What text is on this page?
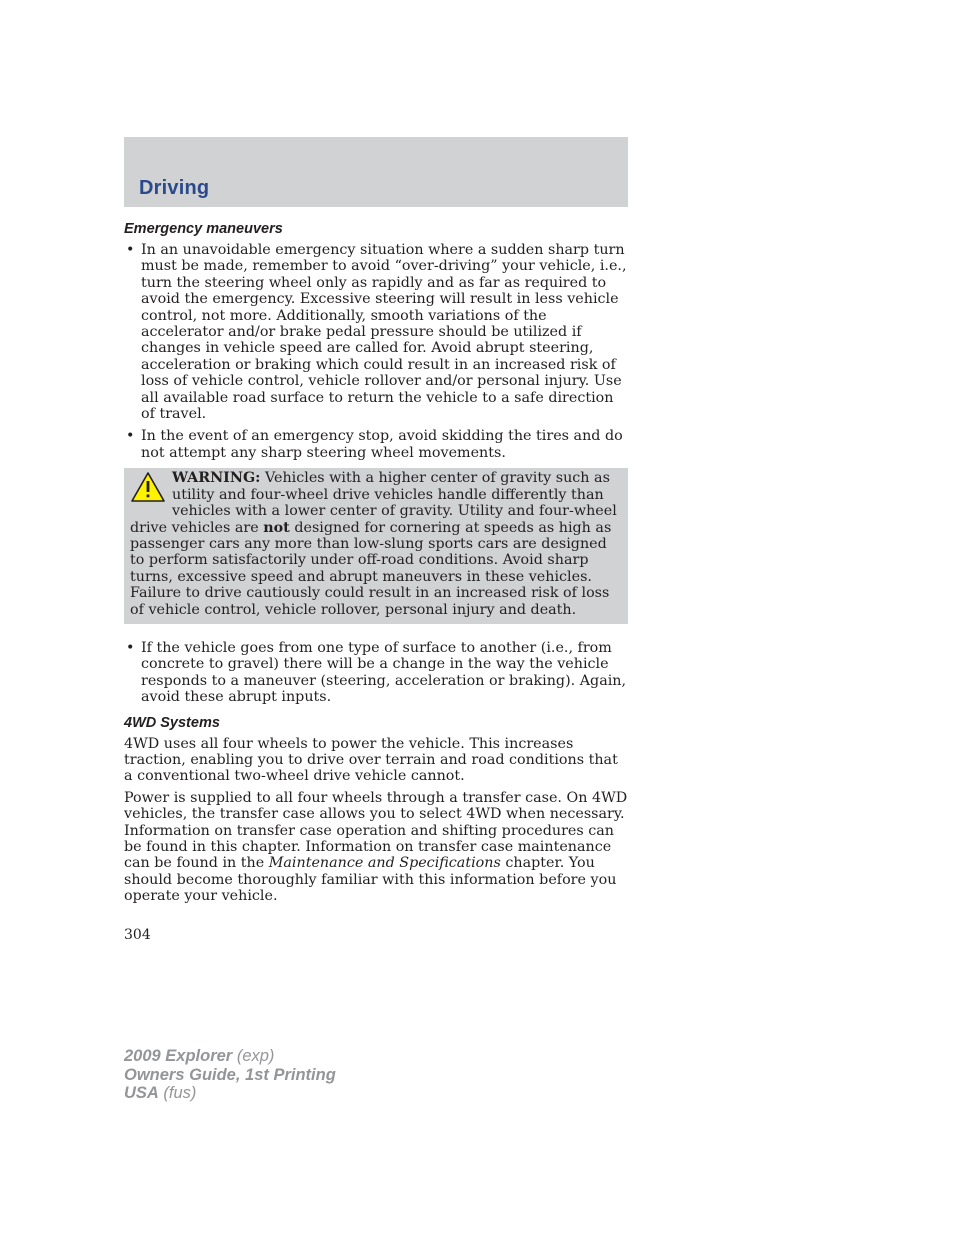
Driving
Emergency maneuvers
• In an unavoidable emergency situation where a sudden sharp turn must be made, remember to avoid “over-driving” your vehicle, i.e., turn the steering wheel only as rapidly and as far as required to avoid the emergency. Excessive steering will result in less vehicle control, not more. Additionally, smooth variations of the accelerator and/or brake pedal pressure should be utilized if changes in vehicle speed are called for. Avoid abrupt steering, acceleration or braking which could result in an increased risk of loss of vehicle control, vehicle rollover and/or personal injury. Use all available road surface to return the vehicle to a safe direction of travel.
• In the event of an emergency stop, avoid skidding the tires and do not attempt any sharp steering wheel movements.
WARNING: Vehicles with a higher center of gravity such as utility and four-wheel drive vehicles handle differently than vehicles with a lower center of gravity. Utility and four-wheel drive vehicles are not designed for cornering at speeds as high as passenger cars any more than low-slung sports cars are designed to perform satisfactorily under off-road conditions. Avoid sharp turns, excessive speed and abrupt maneuvers in these vehicles. Failure to drive cautiously could result in an increased risk of loss of vehicle control, vehicle rollover, personal injury and death.
• If the vehicle goes from one type of surface to another (i.e., from concrete to gravel) there will be a change in the way the vehicle responds to a maneuver (steering, acceleration or braking). Again, avoid these abrupt inputs.
4WD Systems

4WD uses all four wheels to power the vehicle. This increases traction, enabling you to drive over terrain and road conditions that a conventional two-wheel drive vehicle cannot.

Power is supplied to all four wheels through a transfer case. On 4WD vehicles, the transfer case allows you to select 4WD when necessary. Information on transfer case operation and shifting procedures can be found in this chapter. Information on transfer case maintenance can be found in the Maintenance and Specifications chapter. You should become thoroughly familiar with this information before you operate your vehicle.

304
2009 Explorer (exp)
Owners Guide, 1st Printing
USA (fus)
